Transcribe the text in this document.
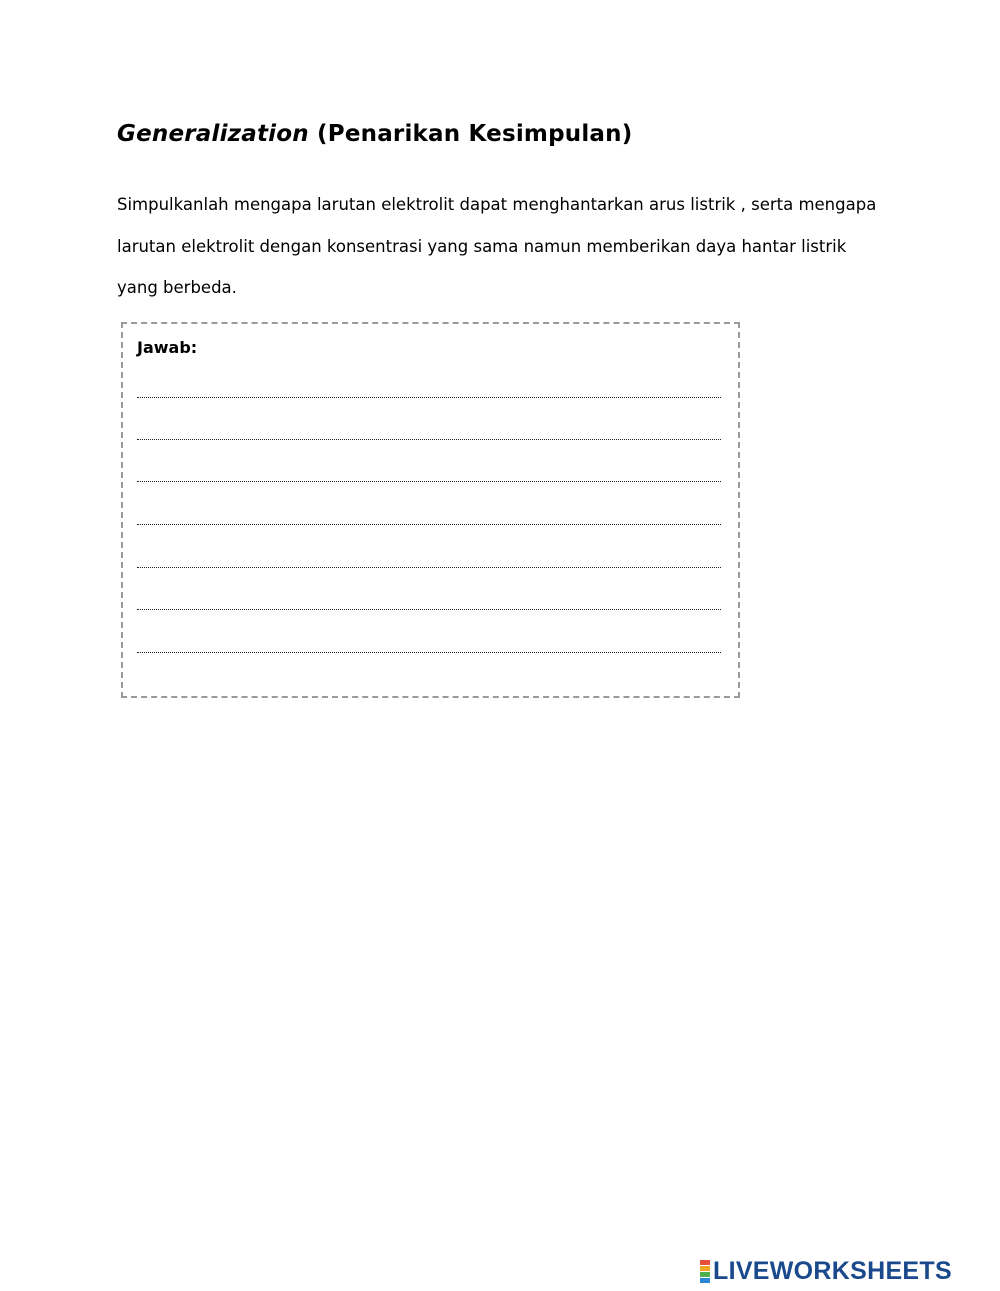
Generalization (Penarikan Kesimpulan)

Simpulkanlah mengapa larutan elektrolit dapat menghantarkan arus listrik , serta mengapa larutan elektrolit dengan konsentrasi yang sama namun memberikan daya hantar listrik yang berbeda.

Jawab:
LIVEWORKSHEETS
